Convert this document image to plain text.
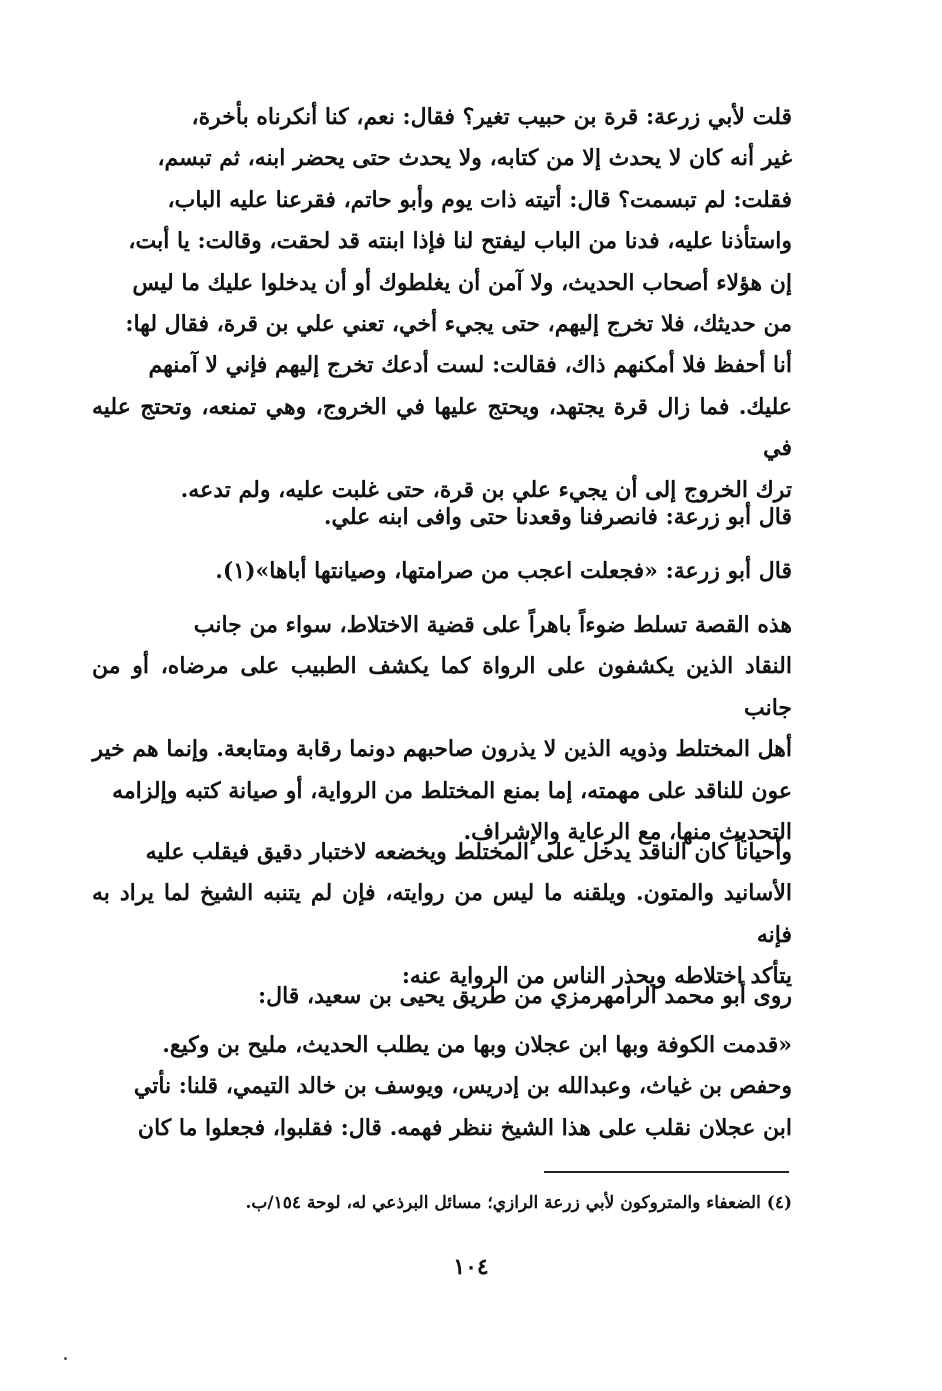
قلت لأبي زرعة: قرة بن حبيب تغير؟ فقال: نعم، كنا أنكرناه بأخرة،
غير أنه كان لا يحدث إلا من كتابه، ولا يحدث حتى يحضر ابنه، ثم تبسم،
فقلت: لم تبسمت؟ قال: أتيته ذات يوم وأبو حاتم، فقرعنا عليه الباب،
واستأذنا عليه، فدنا من الباب ليفتح لنا فإذا ابنته قد لحقت، وقالت: يا أبت،
إن هؤلاء أصحاب الحديث، ولا آمن أن يغلطوك أو أن يدخلوا عليك ما ليس
من حديثك، فلا تخرج إليهم، حتى يجيء أخي، تعني علي بن قرة، فقال لها:
أنا أحفظ فلا أمكنهم ذاك، فقالت: لست أدعك تخرج إليهم فإني لا آمنهم
عليك. فما زال قرة يجتهد، ويحتج عليها في الخروج، وهي تمنعه، وتحتج عليه في
ترك الخروج إلى أن يجيء علي بن قرة، حتى غلبت عليه، ولم تدعه.

قال أبو زرعة: فانصرفنا وقعدنا حتى وافى ابنه علي.

قال أبو زرعة: «فجعلت اعجب من صرامتها، وصيانتها أباها»(١).

هذه القصة تسلط ضوءاً باهراً على قضية الاختلاط، سواء من جانب
النقاد الذين يكشفون على الرواة كما يكشف الطبيب على مرضاه، أو من جانب
أهل المختلط وذويه الذين لا يذرون صاحبهم دونما رقابة ومتابعة. وإنما هم خير
عون للناقد على مهمته، إما بمنع المختلط من الرواية، أو صيانة كتبه وإلزامه
التحديث منها، مع الرعاية والإشراف.

وأحياناً كان الناقد يدخل على المختلط ويخضعه لاختبار دقيق فيقلب عليه
الأسانيد والمتون. ويلقنه ما ليس من روايته، فإن لم يتنبه الشيخ لما يراد به فإنه
يتأكد اختلاطه ويحذر الناس من الرواية عنه:

روى أبو محمد الرامهرمزي من طريق يحيى بن سعيد، قال:

«قدمت الكوفة وبها ابن عجلان وبها من يطلب الحديث، مليح بن وكيع.
وحفص بن غياث، وعبدالله بن إدريس، ويوسف بن خالد التيمي، قلنا: نأتي
ابن عجلان نقلب على هذا الشيخ ننظر فهمه. قال: فقلبوا، فجعلوا ما كان

(٤) الضعفاء والمتروكون لأبي زرعة الرازي؛ مسائل البرذعي له، لوحة ١٥٤/ب.
١٠٤
